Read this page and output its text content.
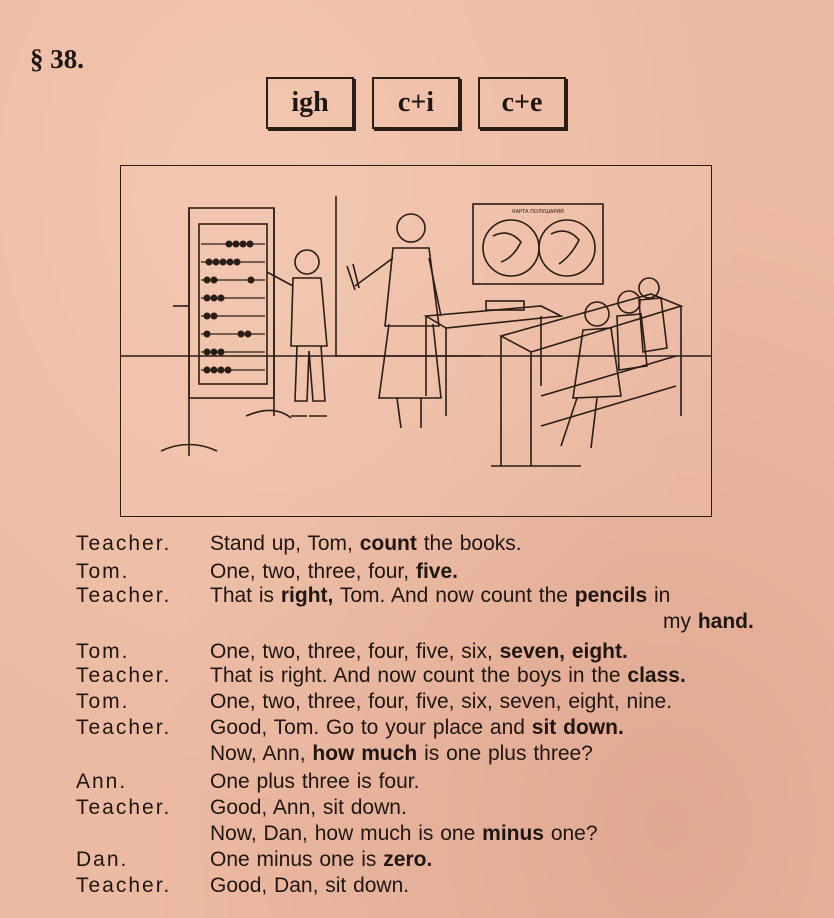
§ 38.
igh	c+i	c+e
КАРТА ПОЛУШАРИЙ
Teacher. Stand up, Tom, count the books.
Tom.	One, two, three, four, five.
Teacher. That is right, Tom. And now count the pencils in
my hand.
Tom.	One, two, three, four, five, six, seven, eight.
Teacher. That is right. And now count the boys in the class.
Tom.	One, two, three, four, five, six, seven, eight, nine.
Teacher. Good, Tom. Go to your place and sit down.
Now, Ann, how much is one plus three?
Ann.	One plus three is four.
Teacher. Good, Ann, sit down.
Now, Dan, how much is one minus one?
Dan.	One minus one is zero.
Teacher. Good, Dan, sit down.
